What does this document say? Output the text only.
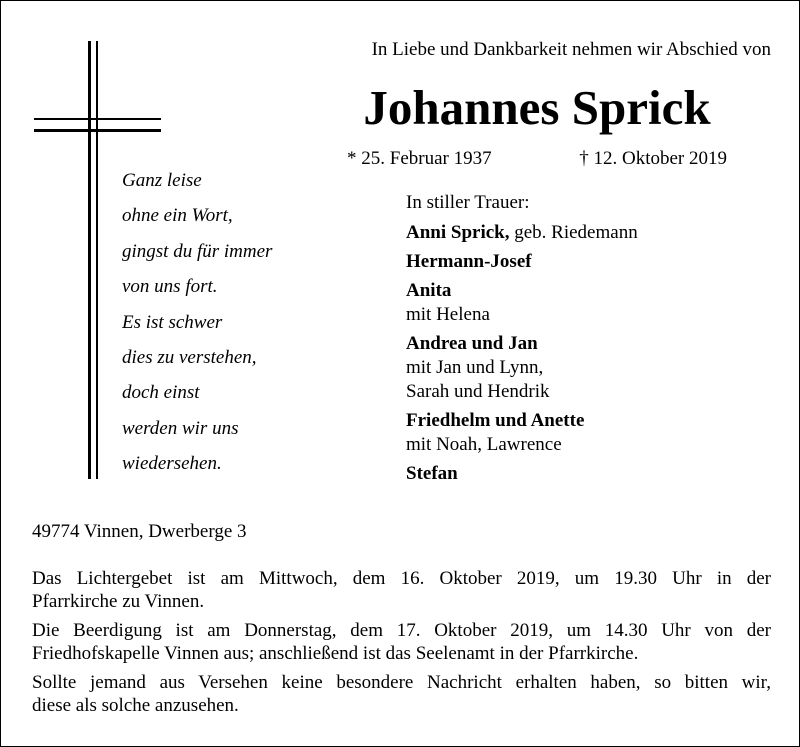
In Liebe und Dankbarkeit nehmen wir Abschied von
Johannes Sprick
* 25. Februar 1937	† 12. Oktober 2019
Ganz leise
ohne ein Wort,
gingst du für immer
von uns fort.
Es ist schwer
dies zu verstehen,
doch einst
werden wir uns
wiedersehen.
In stiller Trauer:
Anni Sprick, geb. Riedemann
Hermann-Josef
Anita
mit Helena
Andrea und Jan
mit Jan und Lynn,
Sarah und Hendrik
Friedhelm und Anette
mit Noah, Lawrence
Stefan
49774 Vinnen, Dwerberge 3

Das Lichtergebet ist am Mittwoch, dem 16. Oktober 2019, um 19.30 Uhr in der
Pfarrkirche zu Vinnen.

Die Beerdigung ist am Donnerstag, dem 17. Oktober 2019, um 14.30 Uhr von der
Friedhofskapelle Vinnen aus; anschließend ist das Seelenamt in der Pfarrkirche.

Sollte jemand aus Versehen keine besondere Nachricht erhalten haben, so bitten wir,
diese als solche anzusehen.
